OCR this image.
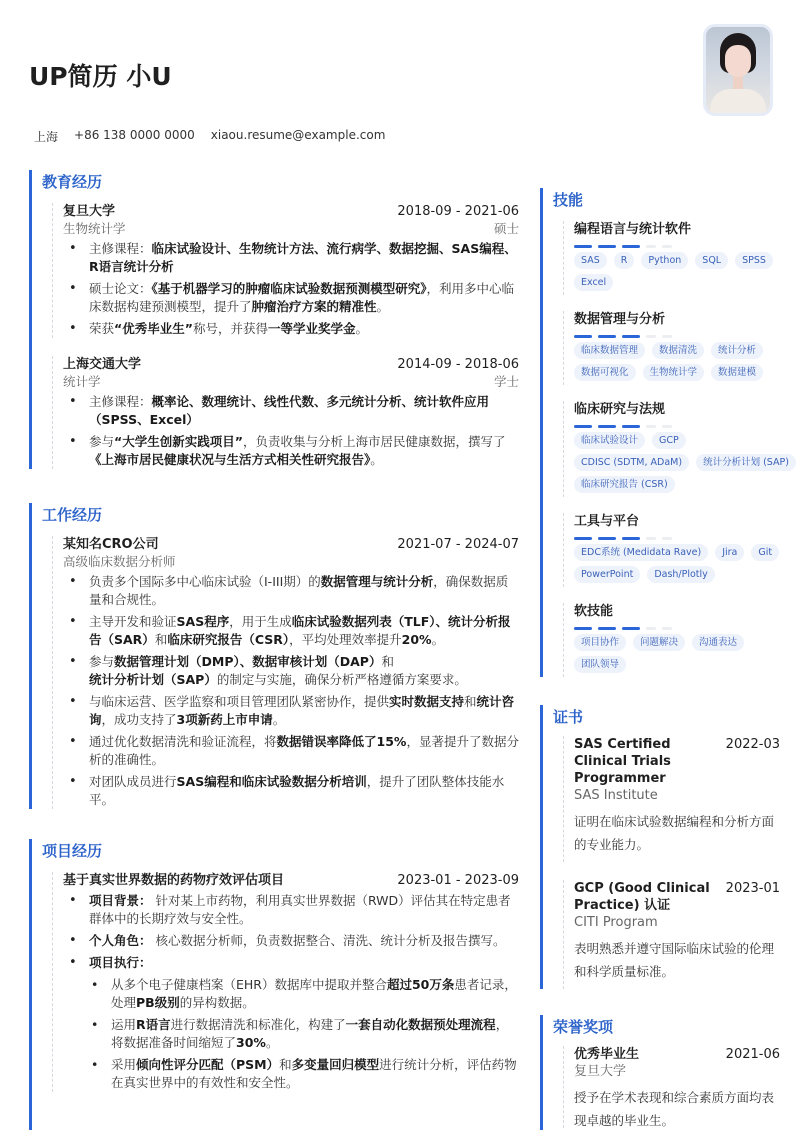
UP简历 小U
上海 +86 138 0000 0000 xiaou.resume@example.com
教育经历
复旦大学	2018-09 - 2021-06
生物统计学	硕士
• 主修课程：临床试验设计、生物统计方法、流行病学、数据挖掘、SAS编程、R语言统计分析
• 硕士论文：《基于机器学习的肿瘤临床试验数据预测模型研究》，利用多中心临床数据构建预测模型，提升了肿瘤治疗方案的精准性。
• 荣获“优秀毕业生”称号，并获得一等学业奖学金。
上海交通大学	2014-09 - 2018-06
统计学	学士
• 主修课程：概率论、数理统计、线性代数、多元统计分析、统计软件应用（SPSS、Excel）
• 参与“大学生创新实践项目”，负责收集与分析上海市居民健康数据，撰写了《上海市居民健康状况与生活方式相关性研究报告》。
工作经历
某知名CRO公司	2021-07 - 2024-07
高级临床数据分析师
• 负责多个国际多中心临床试验（I-III期）的数据管理与统计分析，确保数据质量和合规性。
• 主导开发和验证SAS程序，用于生成临床试验数据列表（TLF）、统计分析报告（SAR）和临床研究报告（CSR），平均处理效率提升20%。
• 参与数据管理计划（DMP）、数据审核计划（DAP）和统计分析计划（SAP）的制定与实施，确保分析严格遵循方案要求。
• 与临床运营、医学监察和项目管理团队紧密协作，提供实时数据支持和统计咨询，成功支持了3项新药上市申请。
• 通过优化数据清洗和验证流程，将数据错误率降低了15%，显著提升了数据分析的准确性。
• 对团队成员进行SAS编程和临床试验数据分析培训，提升了团队整体技能水平。
项目经历
基于真实世界数据的药物疗效评估项目	2023-01 - 2023-09
• 项目背景： 针对某上市药物，利用真实世界数据（RWD）评估其在特定患者群体中的长期疗效与安全性。
• 个人角色： 核心数据分析师，负责数据整合、清洗、统计分析及报告撰写。
• 项目执行：
• 从多个电子健康档案（EHR）数据库中提取并整合超过50万条患者记录，处理PB级别的异构数据。
• 运用R语言进行数据清洗和标准化，构建了一套自动化数据预处理流程，将数据准备时间缩短了30%。
• 采用倾向性评分匹配（PSM）和多变量回归模型进行统计分析，评估药物在真实世界中的有效性和安全性。
技能
编程语言与统计软件
SAS	R	Python	SQL	SPSS
Excel
数据管理与分析
临床数据管理	数据清洗	统计分析
数据可视化	生物统计学	数据建模
临床研究与法规
临床试验设计	GCP
CDISC (SDTM, ADaM)	统计分析计划 (SAP)
临床研究报告 (CSR)
工具与平台
EDC系统 (Medidata Rave)	Jira	Git
PowerPoint	Dash/Plotly
软技能
项目协作	问题解决	沟通表达
团队领导
证书
SAS Certified Clinical Trials Programmer
2022-03
SAS Institute
证明在临床试验数据编程和分析方面的专业能力。
GCP (Good Clinical Practice) 认证
2023-01
CITI Program
表明熟悉并遵守国际临床试验的伦理和科学质量标准。
荣誉奖项
优秀毕业生	2021-06
复旦大学
授予在学术表现和综合素质方面均表现卓越的毕业生。
